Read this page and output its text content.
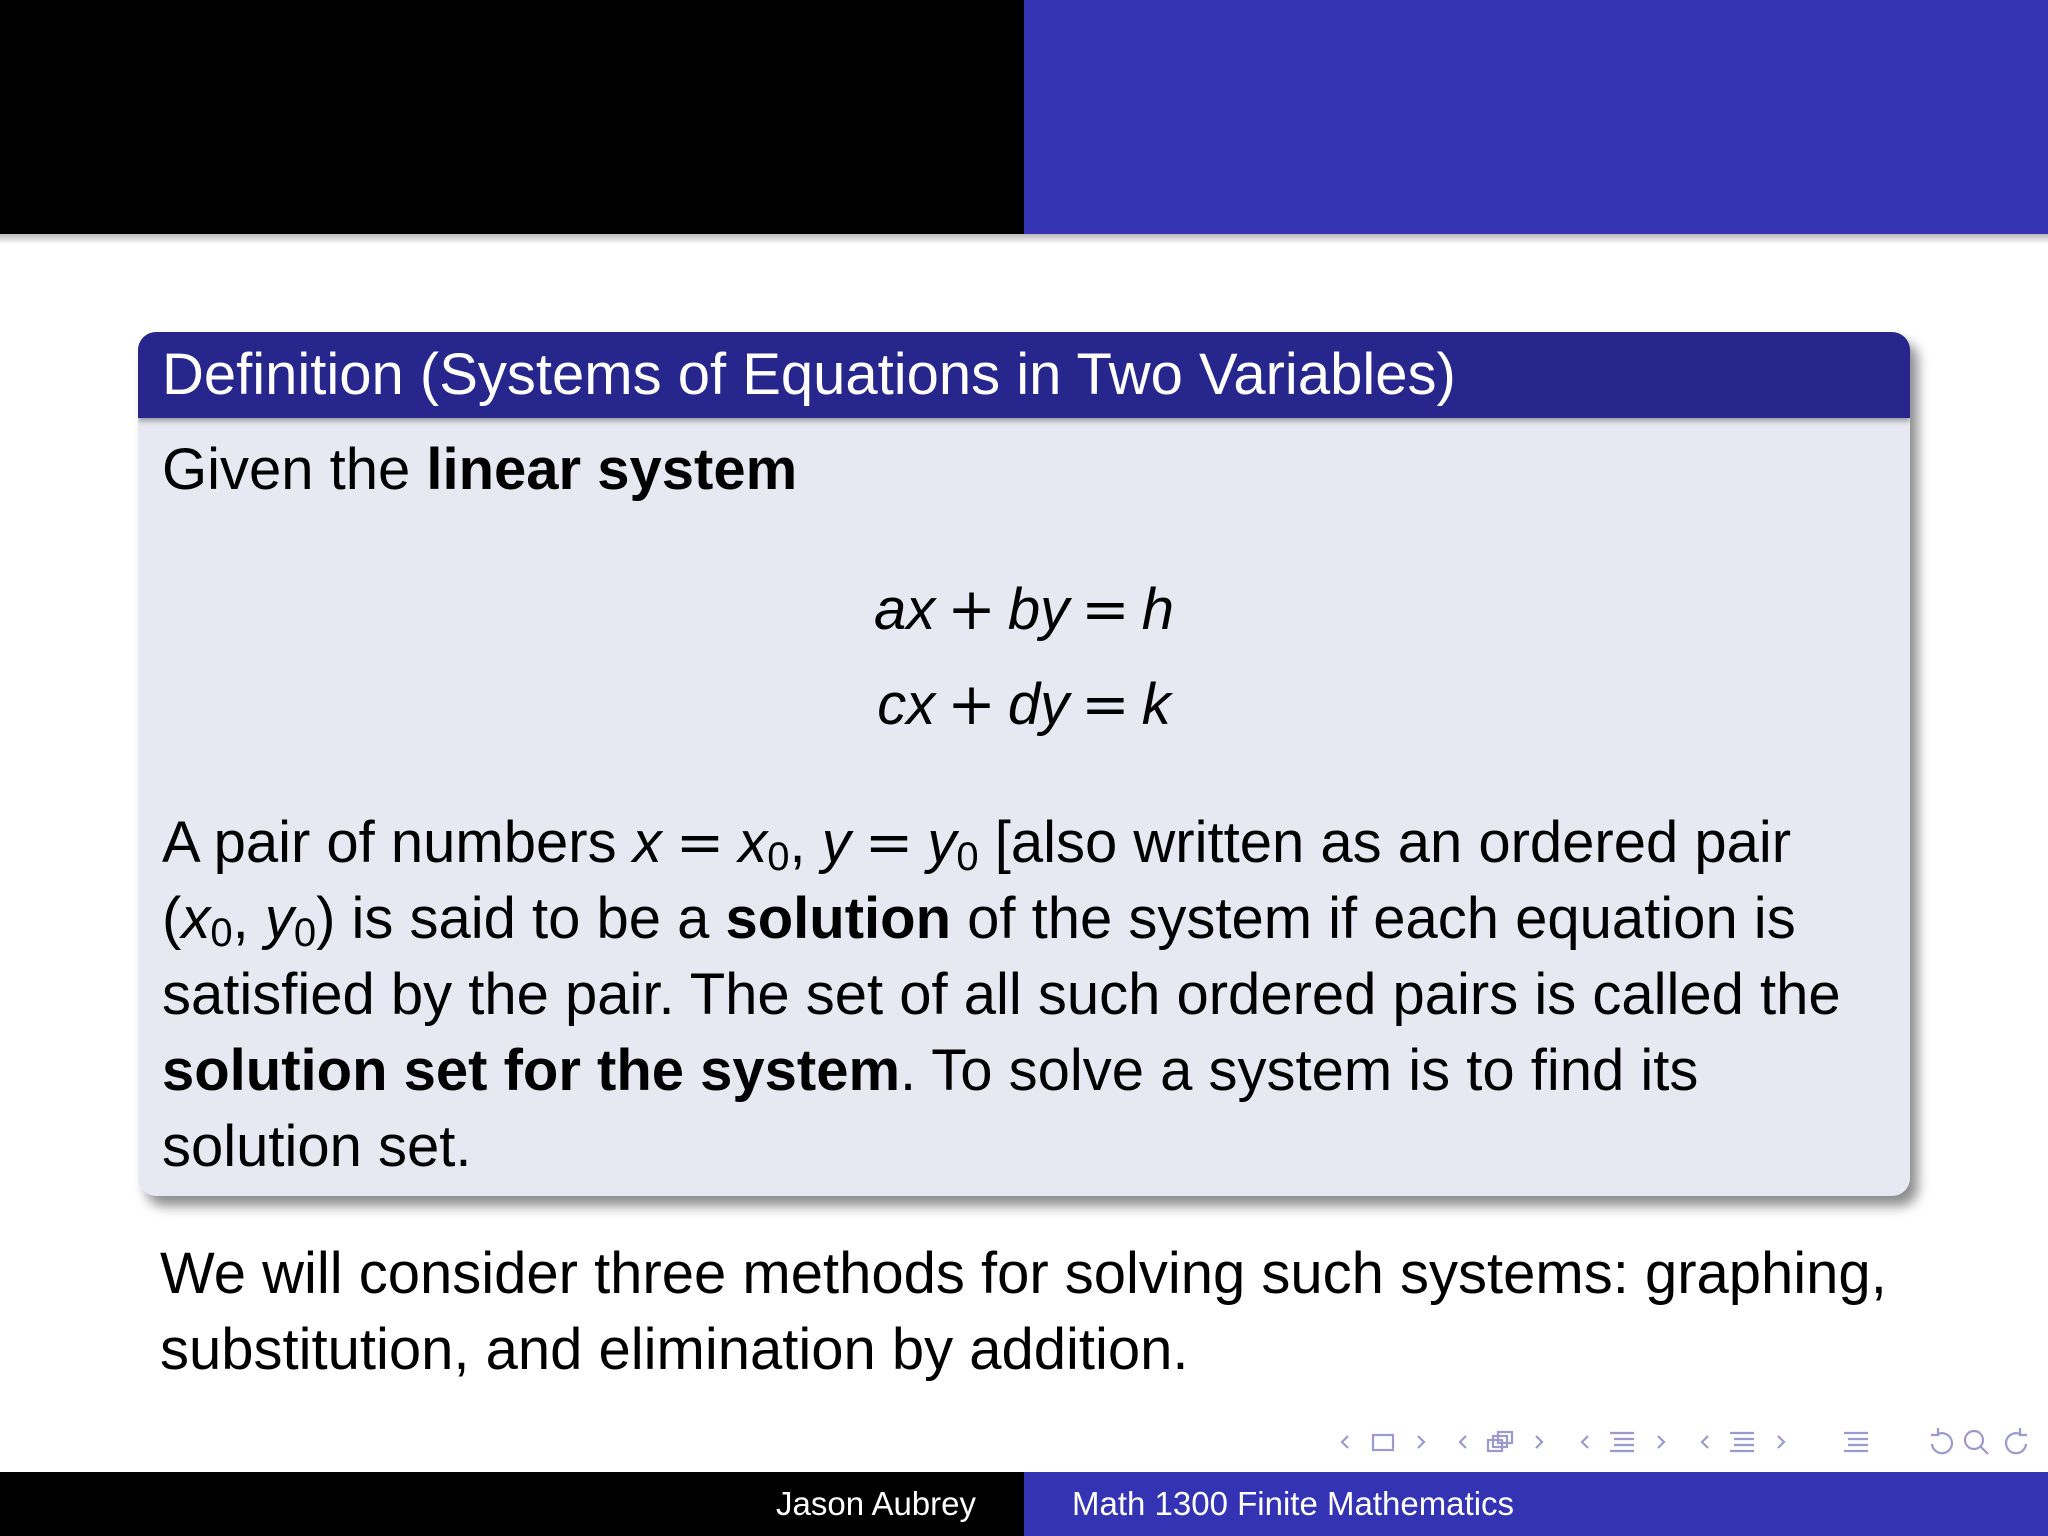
Definition (Systems of Equations in Two Variables)
Given the linear system
ax + by = h
cx + dy = k
A pair of numbers $x = x_0$, $y = y_0$ [also written as an ordered pair ($x_0$, $y_0$) is said to be a solution of the system if each equation is satisfied by the pair. The set of all such ordered pairs is called the solution set for the system. To solve a system is to find its solution set.
We will consider three methods for solving such systems: graphing, substitution, and elimination by addition.
Jason Aubrey	Math 1300 Finite Mathematics
